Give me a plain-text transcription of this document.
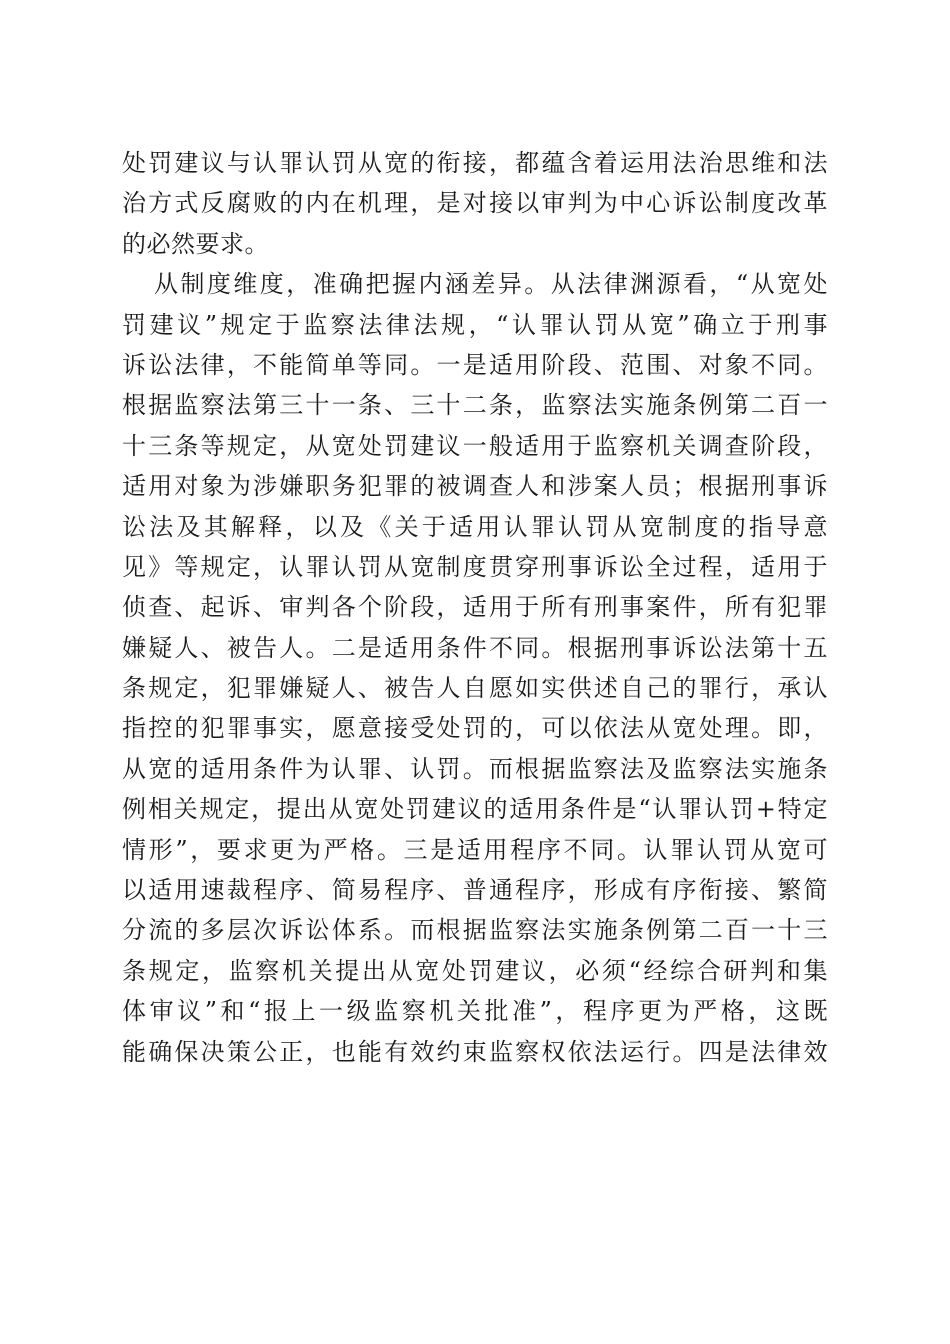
处罚建议与认罪认罚从宽的衔接，都蕴含着运用法治思维和法
治方式反腐败的内在机理，是对接以审判为中心诉讼制度改革
的必然要求。
从制度维度，准确把握内涵差异。从法律渊源看，“从宽处
罚建议”规定于监察法律法规，“认罪认罚从宽”确立于刑事
诉讼法律，不能简单等同。一是适用阶段、范围、对象不同。
根据监察法第三十一条、三十二条，监察法实施条例第二百一
十三条等规定，从宽处罚建议一般适用于监察机关调查阶段，
适用对象为涉嫌职务犯罪的被调查人和涉案人员；根据刑事诉
讼法及其解释，以及《关于适用认罪认罚从宽制度的指导意
见》等规定，认罪认罚从宽制度贯穿刑事诉讼全过程，适用于
侦查、起诉、审判各个阶段，适用于所有刑事案件，所有犯罪
嫌疑人、被告人。二是适用条件不同。根据刑事诉讼法第十五
条规定，犯罪嫌疑人、被告人自愿如实供述自己的罪行，承认
指控的犯罪事实，愿意接受处罚的，可以依法从宽处理。即，
从宽的适用条件为认罪、认罚。而根据监察法及监察法实施条
例相关规定，提出从宽处罚建议的适用条件是“认罪认罚+特定
情形”，要求更为严格。三是适用程序不同。认罪认罚从宽可
以适用速裁程序、简易程序、普通程序，形成有序衔接、繁简
分流的多层次诉讼体系。而根据监察法实施条例第二百一十三
条规定，监察机关提出从宽处罚建议，必须“经综合研判和集
体审议”和“报上一级监察机关批准”，程序更为严格，这既
能确保决策公正，也能有效约束监察权依法运行。四是法律效
